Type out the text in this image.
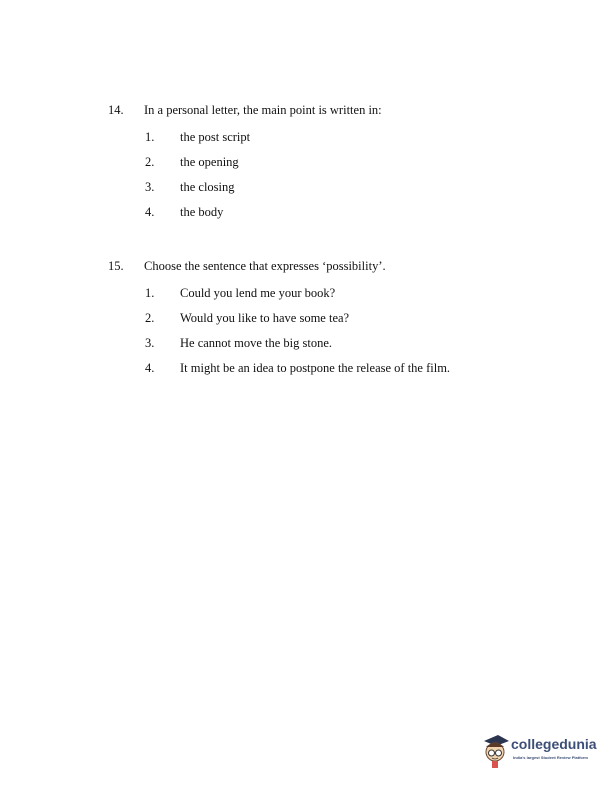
14. In a personal letter, the main point is written in:
1. the post script
2. the opening
3. the closing
4. the body
15. Choose the sentence that expresses ‘possibility’.
1. Could you lend me your book?
2. Would you like to have some tea?
3. He cannot move the big stone.
4. It might be an idea to postpone the release of the film.
collegedunia
India's largest Student Review Platform
